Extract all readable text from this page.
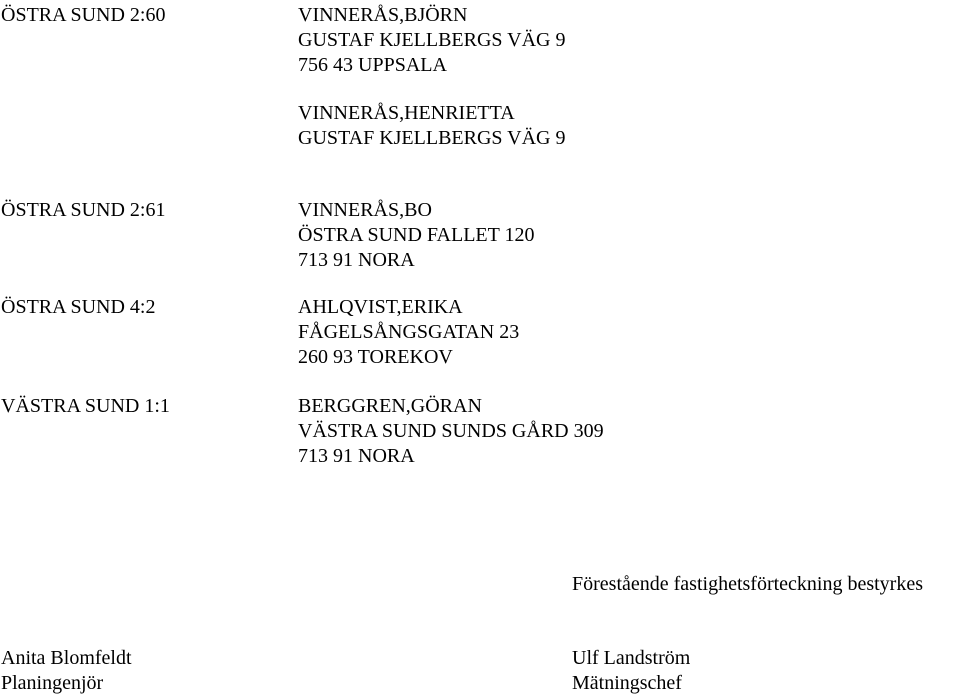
ÖSTRA SUND 2:60	VINNERÅS,BJÖRN
GUSTAF KJELLBERGS VÄG 9
756 43 UPPSALA
VINNERÅS,HENRIETTA
GUSTAF KJELLBERGS VÄG 9
ÖSTRA SUND 2:61	VINNERÅS,BO
ÖSTRA SUND FALLET 120
713 91 NORA
ÖSTRA SUND 4:2	AHLQVIST,ERIKA
FÅGELSÅNGSGATAN 23
260 93 TOREKOV
VÄSTRA SUND 1:1	BERGGREN,GÖRAN
VÄSTRA SUND SUNDS GÅRD 309
713 91 NORA
Förestående fastighetsförteckning bestyrkes
Anita Blomfeldt
Planingenjör
Ulf Landström
Mätningschef
